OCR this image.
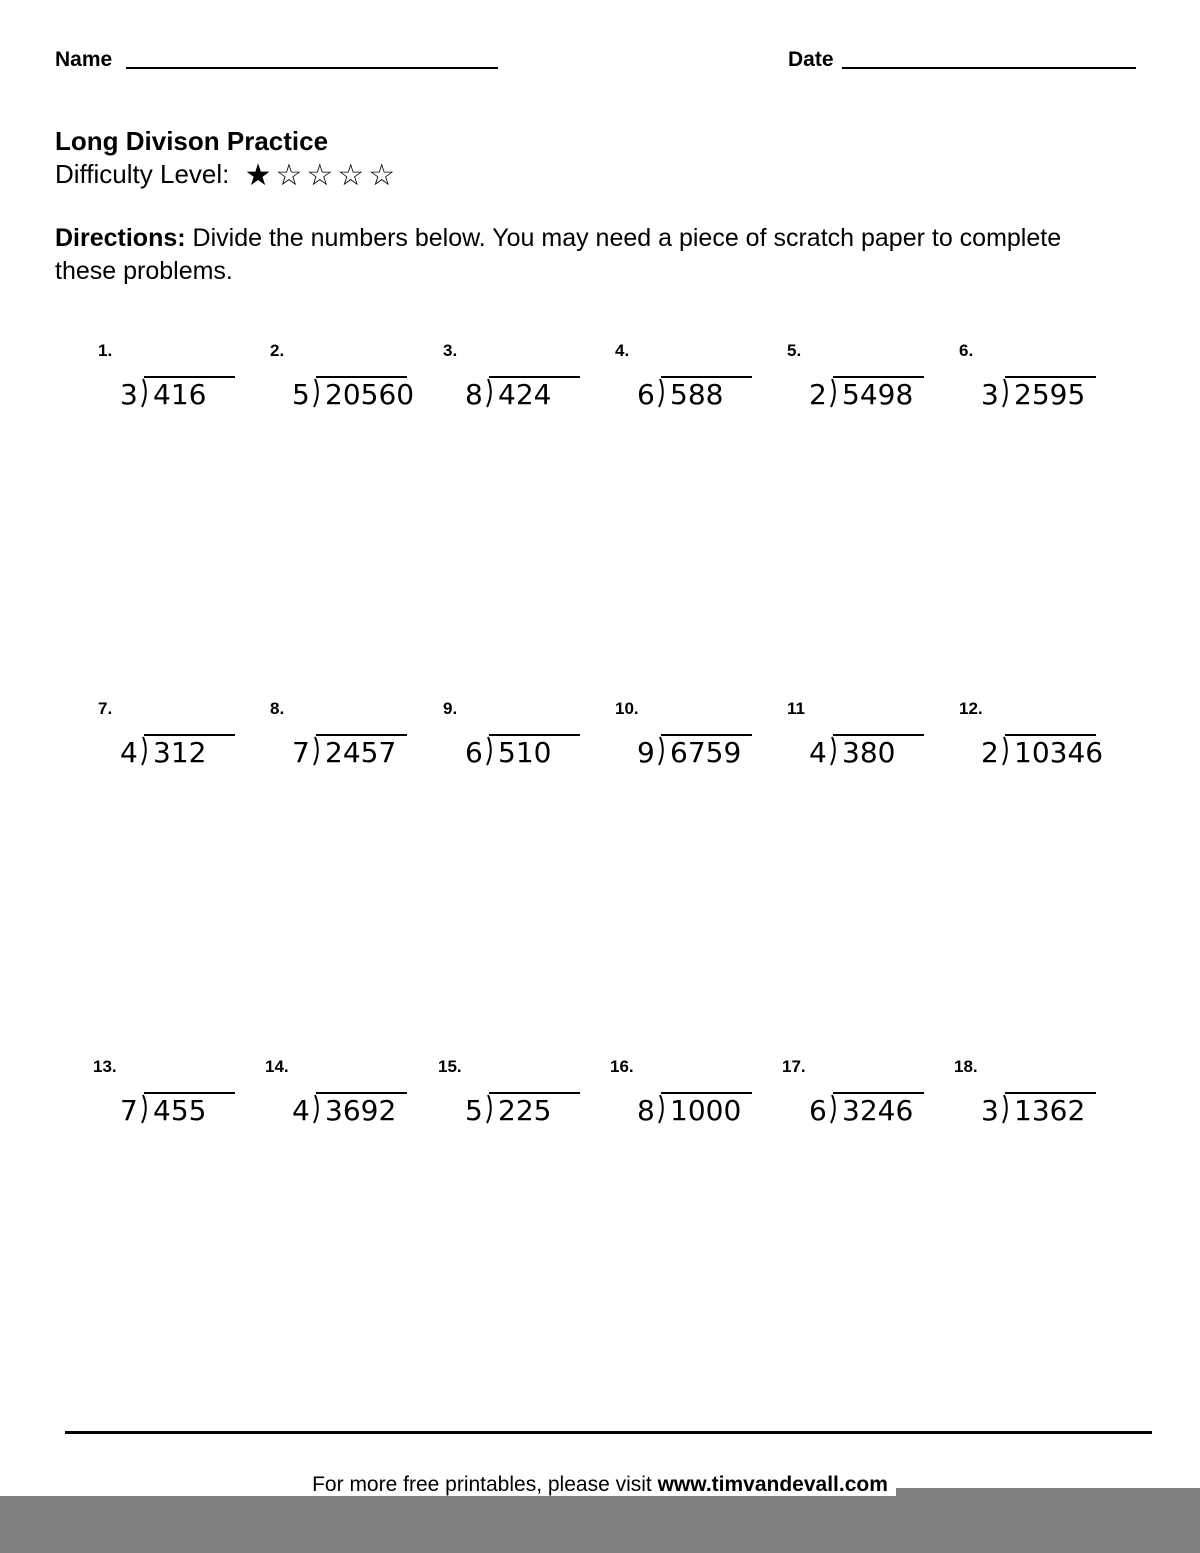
Name	Date
Long Divison Practice
Difficulty Level: ★☆☆☆☆
Directions: Divide the numbers below. You may need a piece of scratch paper to complete these problems.
1.
3 416
2.
5 20560
3.
8 424
4.
6 588
5.
2 5498
6.
3 2595
7.
4 312
8.
7 2457
9.
6 510
10.
9 6759
11
4 380
12.
2 10346
13.
7 455
14.
4 3692
15.
5 225
16.
8 1000
17.
6 3246
18.
3 1362
For more free printables, please visit www.timvandevall.com
